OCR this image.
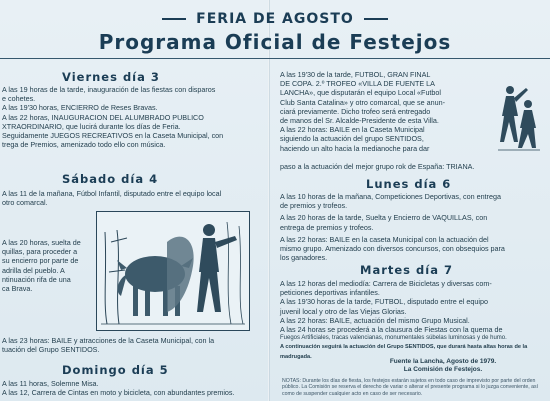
FERIA DE AGOSTO
Programa Oficial de Festejos
Viernes día 3
A las 19 horas de la tarde, inauguración de las fiestas con disparos
e cohetes.
A las 19'30 horas, ENCIERRO de Reses Bravas.
A las 22 horas, INAUGURACION DEL ALUMBRADO PUBLICO
XTRAORDINARIO, que lucirá durante los días de Feria.
Seguidamente JUEGOS RECREATIVOS en la Caseta Municipal, con
trega de Premios, amenizado todo ello con música.
Sábado día 4
A las 11 de la mañana, Fútbol Infantil, disputado entre el equipo local
otro comarcal.
A las 20 horas, suelta de
quillas, para proceder a
su encierro por parte de
adrilla del pueblo. A
ntinuación rifa de una
ca Brava.
A las 23 horas: BAILE y atracciones de la Caseta Municipal, con la
tuación del Grupo SENTIDOS.
Domingo día 5
A las 11 horas, Solemne Misa.
A las 12, Carrera de Cintas en moto y bicicleta, con abundantes premios.
A las 19'30 de la tarde, FUTBOL, GRAN FINAL
DE COPA. 2.º TROFEO «VILLA DE FUENTE LA
LANCHA», que disputarán el equipo Local «Futbol
Club Santa Catalina» y otro comarcal, que se anun-
ciará previamente. Dicho trofeo será entregado
de manos del Sr. Alcalde-Presidente de esta Villa.
A las 22 horas: BAILE en la Caseta Municipal
siguiendo la actuación del grupo SENTIDOS,
haciendo un alto hacia la medianoche para dar
paso a la actuación del mejor grupo rok de España: TRIANA.
Lunes día 6
A las 10 horas de la mañana, Competiciones Deportivas, con entrega
de premios y trofeos.
A las 20 horas de la tarde, Suelta y Encierro de VAQUILLAS, con
entrega de premios y trofeos.
A las 22 horas: BAILE en la caseta Municipal con la actuación del
mismo grupo. Amenizado con diversos concursos, con obsequios para
los ganadores.
Martes día 7
A las 12 horas del mediodía: Carrera de Bicicletas y diversas com-
peticiones deportivas infantiles.
A las 19'30 horas de la tarde, FUTBOL, disputado entre el equipo
juvenil local y otro de las Viejas Glorias.
A las 22 horas: BAILE, actuación del mismo Grupo Musical.
A las 24 horas se procederá a la clausura de Fiestas con la quema de
Fuegos Artificiales, tracas valencianas, monumentales súbelas luminosas y de humo.
A continuación seguirá la actuación del Grupo SENTIDOS, que durará hasta altas horas de la madrugada.
Fuente la Lancha, Agosto de 1979.
La Comisión de Festejos.
NOTAS: Durante los días de fiesta, los festejos estarán sujetos en todo caso de imprevisto por parte del orden público. La Comisión se reserva el derecho de variar o alterar el presente programa si lo juzga conveniente, así como de suspender cualquier acto en caso de ser necesario.
